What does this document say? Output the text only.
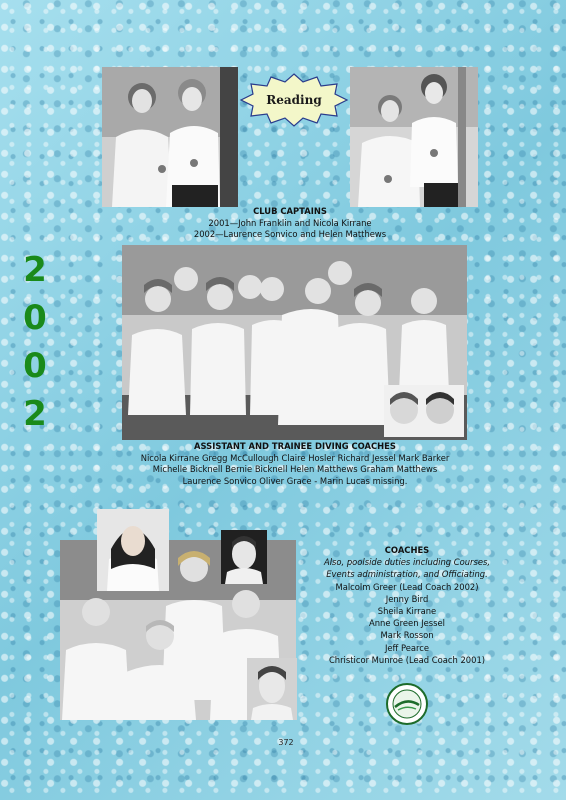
2
0
0
2
Reading
CLUB CAPTAINS
2001—John Franklin and Nicola Kirrane
2002—Laurence Sonvico and Helen Matthews
ASSISTANT AND TRAINEE DIVING COACHES
Nicola Kirrane Gregg McCullough Claire Hosler Richard Jessel Mark Barker
Michelle Bicknell Bernie Bicknell Helen Matthews Graham Matthews
Laurence Sonvico Oliver Grace - Marin Lucas missing.
COACHES
Also, poolside duties including Courses,
Events administration, and Officiating.
Malcolm Greer (Lead Coach 2002)
Jenny Bird
Sheila Kirrane
Anne Green Jessel
Mark Rosson
Jeff Pearce
Christicor Munroe (Lead Coach 2001)
372
